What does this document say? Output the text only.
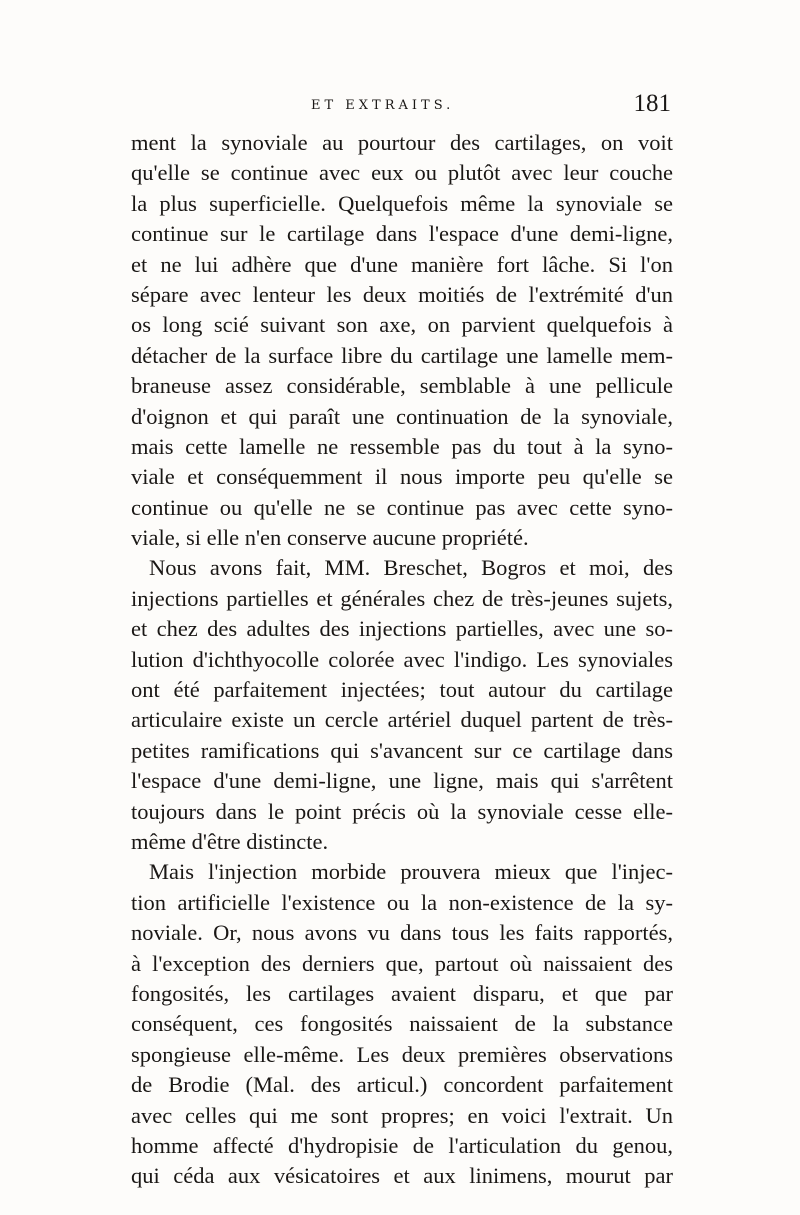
ET EXTRAITS.	181
ment la synoviale au pourtour des cartilages, on voit
qu'elle se continue avec eux ou plutôt avec leur couche
la plus superficielle. Quelquefois même la synoviale se
continue sur le cartilage dans l'espace d'une demi-ligne,
et ne lui adhère que d'une manière fort lâche. Si l'on
sépare avec lenteur les deux moitiés de l'extrémité d'un
os long scié suivant son axe, on parvient quelquefois à
détacher de la surface libre du cartilage une lamelle mem-
braneuse assez considérable, semblable à une pellicule
d'oignon et qui paraît une continuation de la synoviale,
mais cette lamelle ne ressemble pas du tout à la syno-
viale et conséquemment il nous importe peu qu'elle se
continue ou qu'elle ne se continue pas avec cette syno-
viale, si elle n'en conserve aucune propriété.
Nous avons fait, MM. Breschet, Bogros et moi, des
injections partielles et générales chez de très-jeunes sujets,
et chez des adultes des injections partielles, avec une so-
lution d'ichthyocolle colorée avec l'indigo. Les synoviales
ont été parfaitement injectées; tout autour du cartilage
articulaire existe un cercle artériel duquel partent de très-
petites ramifications qui s'avancent sur ce cartilage dans
l'espace d'une demi-ligne, une ligne, mais qui s'arrêtent
toujours dans le point précis où la synoviale cesse elle-
même d'être distincte.
Mais l'injection morbide prouvera mieux que l'injec-
tion artificielle l'existence ou la non-existence de la sy-
noviale. Or, nous avons vu dans tous les faits rapportés,
à l'exception des derniers que, partout où naissaient des
fongosités, les cartilages avaient disparu, et que par
conséquent, ces fongosités naissaient de la substance
spongieuse elle-même. Les deux premières observations
de Brodie (Mal. des articul.) concordent parfaitement
avec celles qui me sont propres; en voici l'extrait. Un
homme affecté d'hydropisie de l'articulation du genou,
qui céda aux vésicatoires et aux linimens, mourut par
